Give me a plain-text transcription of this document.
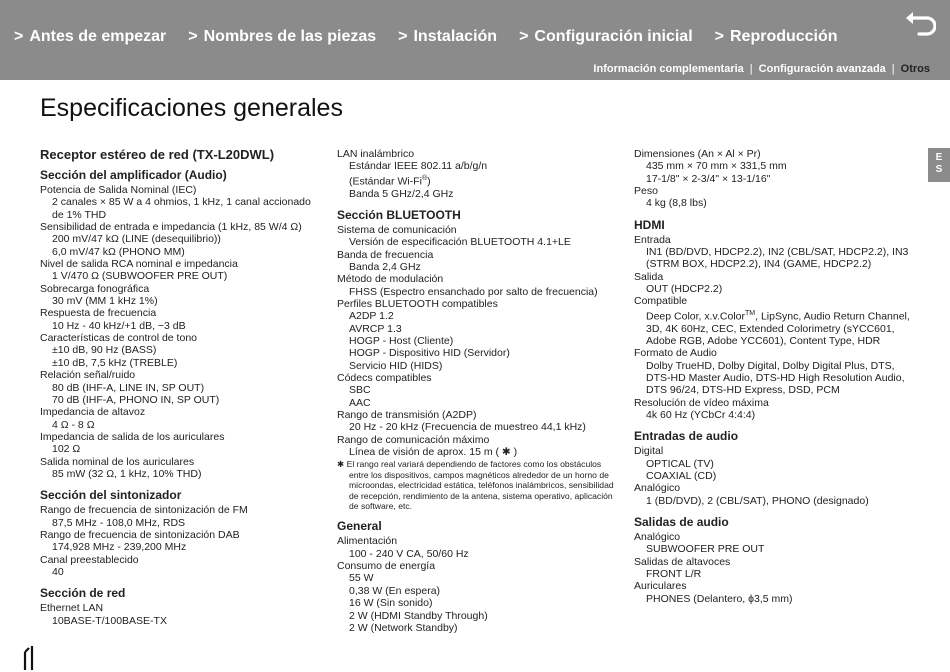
> Antes de empezar > Nombres de las piezas > Instalación > Configuración inicial > Reproducción
Información complementaria | Configuración avanzada | Otros
Especificaciones generales
E
S
Receptor estéreo de red (TX-L20DWL)
Sección del amplificador (Audio)
Potencia de Salida Nominal (IEC)
2 canales × 85 W a 4 ohmios, 1 kHz, 1 canal accionado
de 1% THD
Sensibilidad de entrada e impedancia (1 kHz, 85 W/4 Ω)
200 mV/47 kΩ (LINE (desequilibrio))
6,0 mV/47 kΩ (PHONO MM)
Nivel de salida RCA nominal e impedancia
1 V/470 Ω (SUBWOOFER PRE OUT)
Sobrecarga fonográfica
30 mV (MM 1 kHz 1%)
Respuesta de frecuencia
10 Hz - 40 kHz/+1 dB, −3 dB
Características de control de tono
±10 dB, 90 Hz (BASS)
±10 dB, 7,5 kHz (TREBLE)
Relación señal/ruido
80 dB (IHF-A, LINE IN, SP OUT)
70 dB (IHF-A, PHONO IN, SP OUT)
Impedancia de altavoz
4 Ω - 8 Ω
Impedancia de salida de los auriculares
102 Ω
Salida nominal de los auriculares
85 mW (32 Ω, 1 kHz, 10% THD)
Sección del sintonizador
Rango de frecuencia de sintonización de FM
87,5 MHz - 108,0 MHz, RDS
Rango de frecuencia de sintonización DAB
174,928 MHz - 239,200 MHz
Canal preestablecido
40
Sección de red
Ethernet LAN
10BASE-T/100BASE-TX
LAN inalámbrico
Estándar IEEE 802.11 a/b/g/n
(Estándar Wi-Fi®)
Banda 5 GHz/2,4 GHz
Sección BLUETOOTH
Sistema de comunicación
Versión de especificación BLUETOOTH 4.1+LE
Banda de frecuencia
Banda 2,4 GHz
Método de modulación
FHSS (Espectro ensanchado por salto de frecuencia)
Perfiles BLUETOOTH compatibles
A2DP 1.2
AVRCP 1.3
HOGP - Host (Cliente)
HOGP - Dispositivo HID (Servidor)
Servicio HID (HIDS)
Códecs compatibles
SBC
AAC
Rango de transmisión (A2DP)
20 Hz - 20 kHz (Frecuencia de muestreo 44,1 kHz)
Rango de comunicación máximo
Línea de visión de aprox. 15 m ( ✱ )
✱ El rango real variará dependiendo de factores como los obstáculos entre los dispositivos, campos magnéticos alrededor de un horno de microondas, electricidad estática, teléfonos inalámbricos, sensibilidad de recepción, rendimiento de la antena, sistema operativo, aplicación de software, etc.
General
Alimentación
100 - 240 V CA, 50/60 Hz
Consumo de energía
55 W
0,38 W (En espera)
16 W (Sin sonido)
2 W (HDMI Standby Through)
2 W (Network Standby)
Dimensiones (An × Al × Pr)
435 mm × 70 mm × 331,5 mm
17-1/8" × 2-3/4" × 13-1/16"
Peso
4 kg (8,8 lbs)
HDMI
Entrada
IN1 (BD/DVD, HDCP2.2), IN2 (CBL/SAT, HDCP2.2), IN3
(STRM BOX, HDCP2.2), IN4 (GAME, HDCP2.2)
Salida
OUT (HDCP2.2)
Compatible
Deep Color, x.v.Color™, LipSync, Audio Return Channel,
3D, 4K 60Hz, CEC, Extended Colorimetry (sYCC601,
Adobe RGB, Adobe YCC601), Content Type, HDR
Formato de Audio
Dolby TrueHD, Dolby Digital, Dolby Digital Plus, DTS,
DTS-HD Master Audio, DTS-HD High Resolution Audio,
DTS 96/24, DTS-HD Express, DSD, PCM
Resolución de vídeo máxima
4k 60 Hz (YCbCr 4:4:4)
Entradas de audio
Digital
OPTICAL (TV)
COAXIAL (CD)
Analógico
1 (BD/DVD), 2 (CBL/SAT), PHONO (designado)
Salidas de audio
Analógico
SUBWOOFER PRE OUT
Salidas de altavoces
FRONT L/R
Auriculares
PHONES (Delantero, ϕ3,5 mm)
